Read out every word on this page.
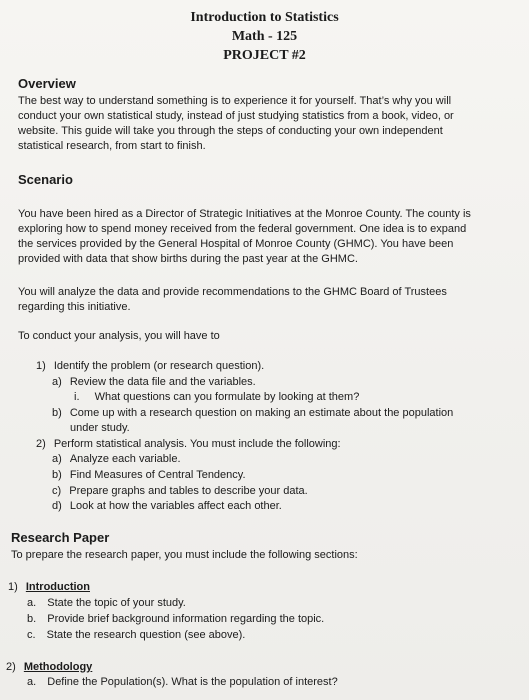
Introduction to Statistics
Math - 125
PROJECT #2
Overview
The best way to understand something is to experience it for yourself. That’s why you will
conduct your own statistical study, instead of just studying statistics from a book, video, or
website. This guide will take you through the steps of conducting your own independent
statistical research, from start to finish.
Scenario
You have been hired as a Director of Strategic Initiatives at the Monroe County. The county is
exploring how to spend money received from the federal government. One idea is to expand
the services provided by the General Hospital of Monroe County (GHMC). You have been
provided with data that show births during the past year at the GHMC.
You will analyze the data and provide recommendations to the GHMC Board of Trustees
regarding this initiative.
To conduct your analysis, you will have to
1) Identify the problem (or research question).
a) Review the data file and the variables.
i. What questions can you formulate by looking at them?
b) Come up with a research question on making an estimate about the population
under study.
2) Perform statistical analysis. You must include the following:
a) Analyze each variable.
b) Find Measures of Central Tendency.
c) Prepare graphs and tables to describe your data.
d) Look at how the variables affect each other.
Research Paper
To prepare the research paper, you must include the following sections:
1) Introduction
a. State the topic of your study.
b. Provide brief background information regarding the topic.
c. State the research question (see above).
2) Methodology
a. Define the Population(s). What is the population of interest?
